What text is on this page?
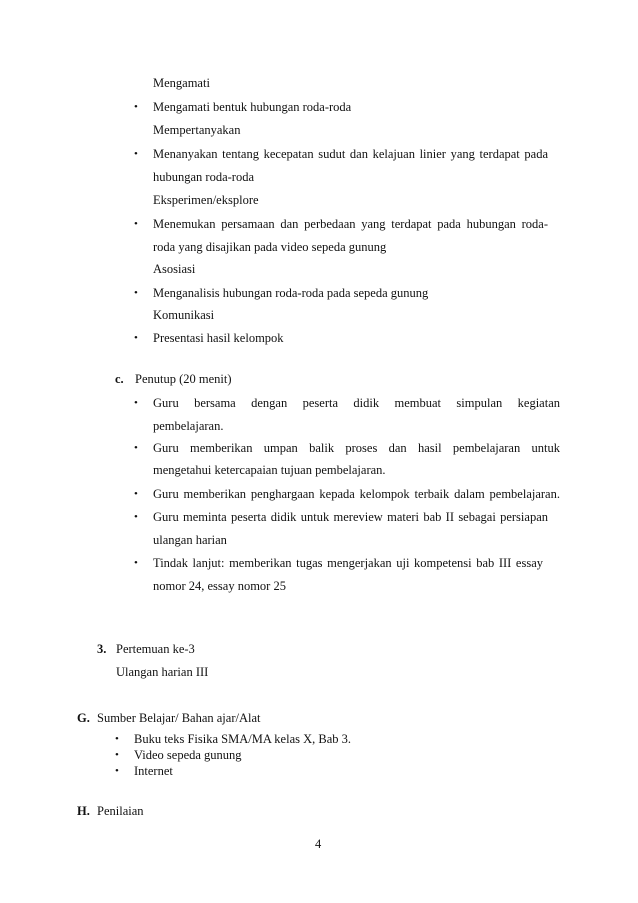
Mengamati
• Mengamati bentuk hubungan roda-roda
Mempertanyakan
• Menanyakan tentang kecepatan sudut dan kelajuan linier yang terdapat pada
hubungan roda-roda
Eksperimen/eksplore
• Menemukan persamaan dan perbedaan yang terdapat pada hubungan roda-
roda yang disajikan pada video sepeda gunung
Asosiasi
• Menganalisis hubungan roda-roda pada sepeda gunung
Komunikasi
• Presentasi hasil kelompok
c. Penutup (20 menit)
• Guru bersama dengan peserta didik membuat simpulan kegiatan
pembelajaran.
• Guru memberikan umpan balik proses dan hasil pembelajaran untuk
mengetahui ketercapaian tujuan pembelajaran.
• Guru memberikan penghargaan kepada kelompok terbaik dalam pembelajaran.
• Guru meminta peserta didik untuk mereview materi bab II sebagai persiapan
ulangan harian
• Tindak lanjut: memberikan tugas mengerjakan uji kompetensi bab III essay
nomor 24, essay nomor 25
3. Pertemuan ke-3
Ulangan harian III
G. Sumber Belajar/ Bahan ajar/Alat
• Buku teks Fisika SMA/MA kelas X, Bab 3.
• Video sepeda gunung
• Internet
H. Penilaian
4
